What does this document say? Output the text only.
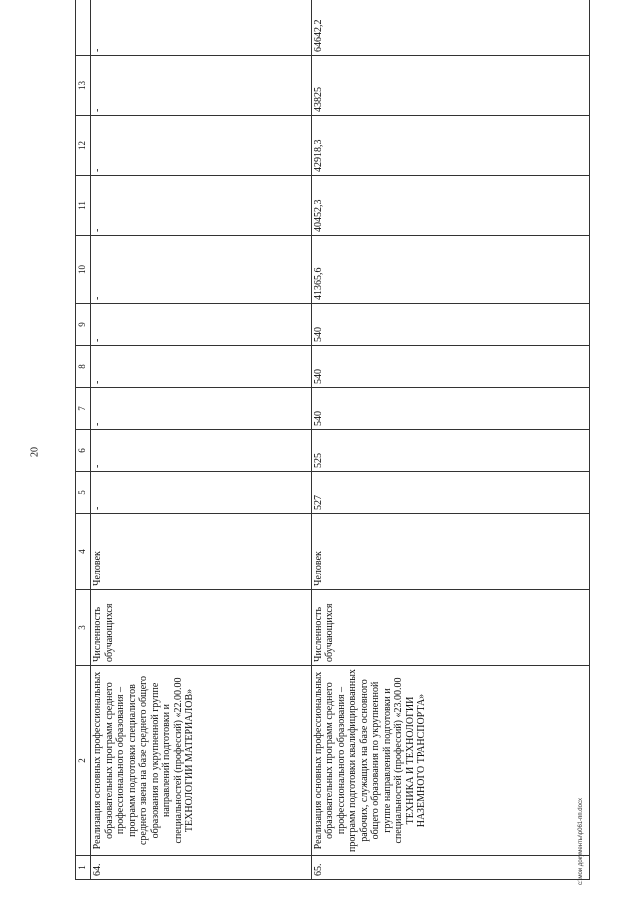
20
1	2	3	4	5	6	7	8	9	10	11	12	13	
64.	Реализация основных профессиональных образовательных программ среднего профессионального образования – программ подготовки специалистов среднего звена на базе среднего общего образования по укрупненной группе направлений подготовки и специальностей (профессий) «22.00.00 ТЕХНОЛОГИИ МАТЕРИАЛОВ»	Численность обучающихся	Человек	-	-	-	-	-	-	-	-	-	-
65.	Реализация основных профессиональных образовательных программ среднего профессионального образования – программ подготовки квалифицированных рабочих, служащих на базе основного общего образования по укрупненной группе направлений подготовки и специальностей (профессий) «23.00.00 ТЕХНИКА И ТЕХНОЛОГИИ НАЗЕМНОГО ТРАНСПОРТА»	Численность обучающихся	Человек	527	525	540	540	540	41365,6	40452,3	42918,3	43825	64642,2
c:\мои документы\р061-пп.docx
